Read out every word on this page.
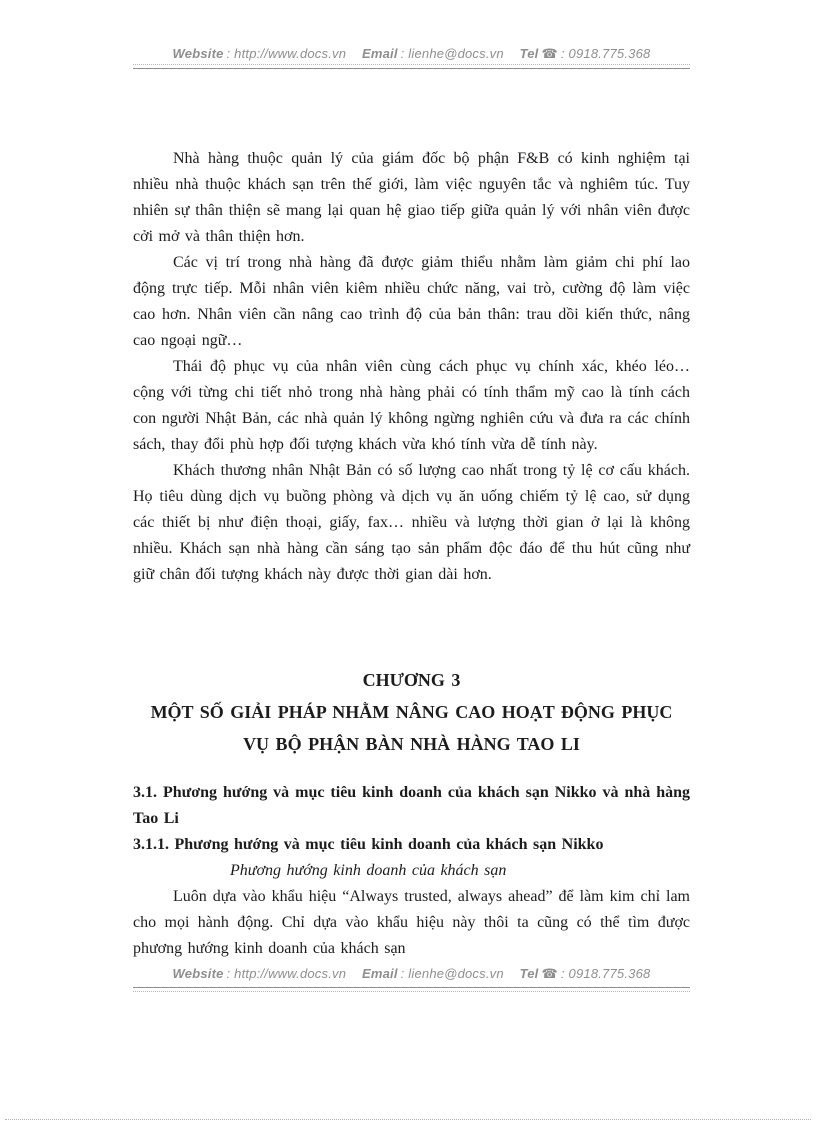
Website : http://www.docs.vn Email : lienhe@docs.vn Tel ☎ : 0918.775.368

Nhà hàng thuộc quản lý của giám đốc bộ phận F&B có kinh nghiệm tại nhiều nhà thuộc khách sạn trên thế giới, làm việc nguyên tắc và nghiêm túc. Tuy nhiên sự thân thiện sẽ mang lại quan hệ giao tiếp giữa quản lý với nhân viên được cởi mở và thân thiện hơn.

Các vị trí trong nhà hàng đã được giảm thiểu nhằm làm giảm chi phí lao động trực tiếp. Mỗi nhân viên kiêm nhiều chức năng, vai trò, cường độ làm việc cao hơn. Nhân viên cần nâng cao trình độ của bản thân: trau dồi kiến thức, nâng cao ngoại ngữ…

Thái độ phục vụ của nhân viên cùng cách phục vụ chính xác, khéo léo… cộng với từng chi tiết nhỏ trong nhà hàng phải có tính thẩm mỹ cao là tính cách con người Nhật Bản, các nhà quản lý không ngừng nghiên cứu và đưa ra các chính sách, thay đổi phù hợp đối tượng khách vừa khó tính vừa dễ tính này.

Khách thương nhân Nhật Bản có số lượng cao nhất trong tỷ lệ cơ cấu khách. Họ tiêu dùng dịch vụ buồng phòng và dịch vụ ăn uống chiếm tỷ lệ cao, sử dụng các thiết bị như điện thoại, giấy, fax… nhiều và lượng thời gian ở lại là không nhiều. Khách sạn nhà hàng cần sáng tạo sản phẩm độc đáo để thu hút cũng như giữ chân đối tượng khách này được thời gian dài hơn.

CHƯƠNG 3
MỘT SỐ GIẢI PHÁP NHẰM NÂNG CAO HOẠT ĐỘNG PHỤC
VỤ BỘ PHẬN BÀN NHÀ HÀNG TAO LI
3.1. Phương hướng và mục tiêu kinh doanh của khách sạn Nikko và nhà hàng
Tao Li
3.1.1. Phương hướng và mục tiêu kinh doanh của khách sạn Nikko
Phương hướng kinh doanh của khách sạn

Luôn dựa vào khẩu hiệu “Always trusted, always ahead” để làm kim chỉ lam cho mọi hành động. Chỉ dựa vào khẩu hiệu này thôi ta cũng có thể tìm được phương hướng kinh doanh của khách sạn

Website : http://www.docs.vn Email : lienhe@docs.vn Tel ☎ : 0918.775.368
